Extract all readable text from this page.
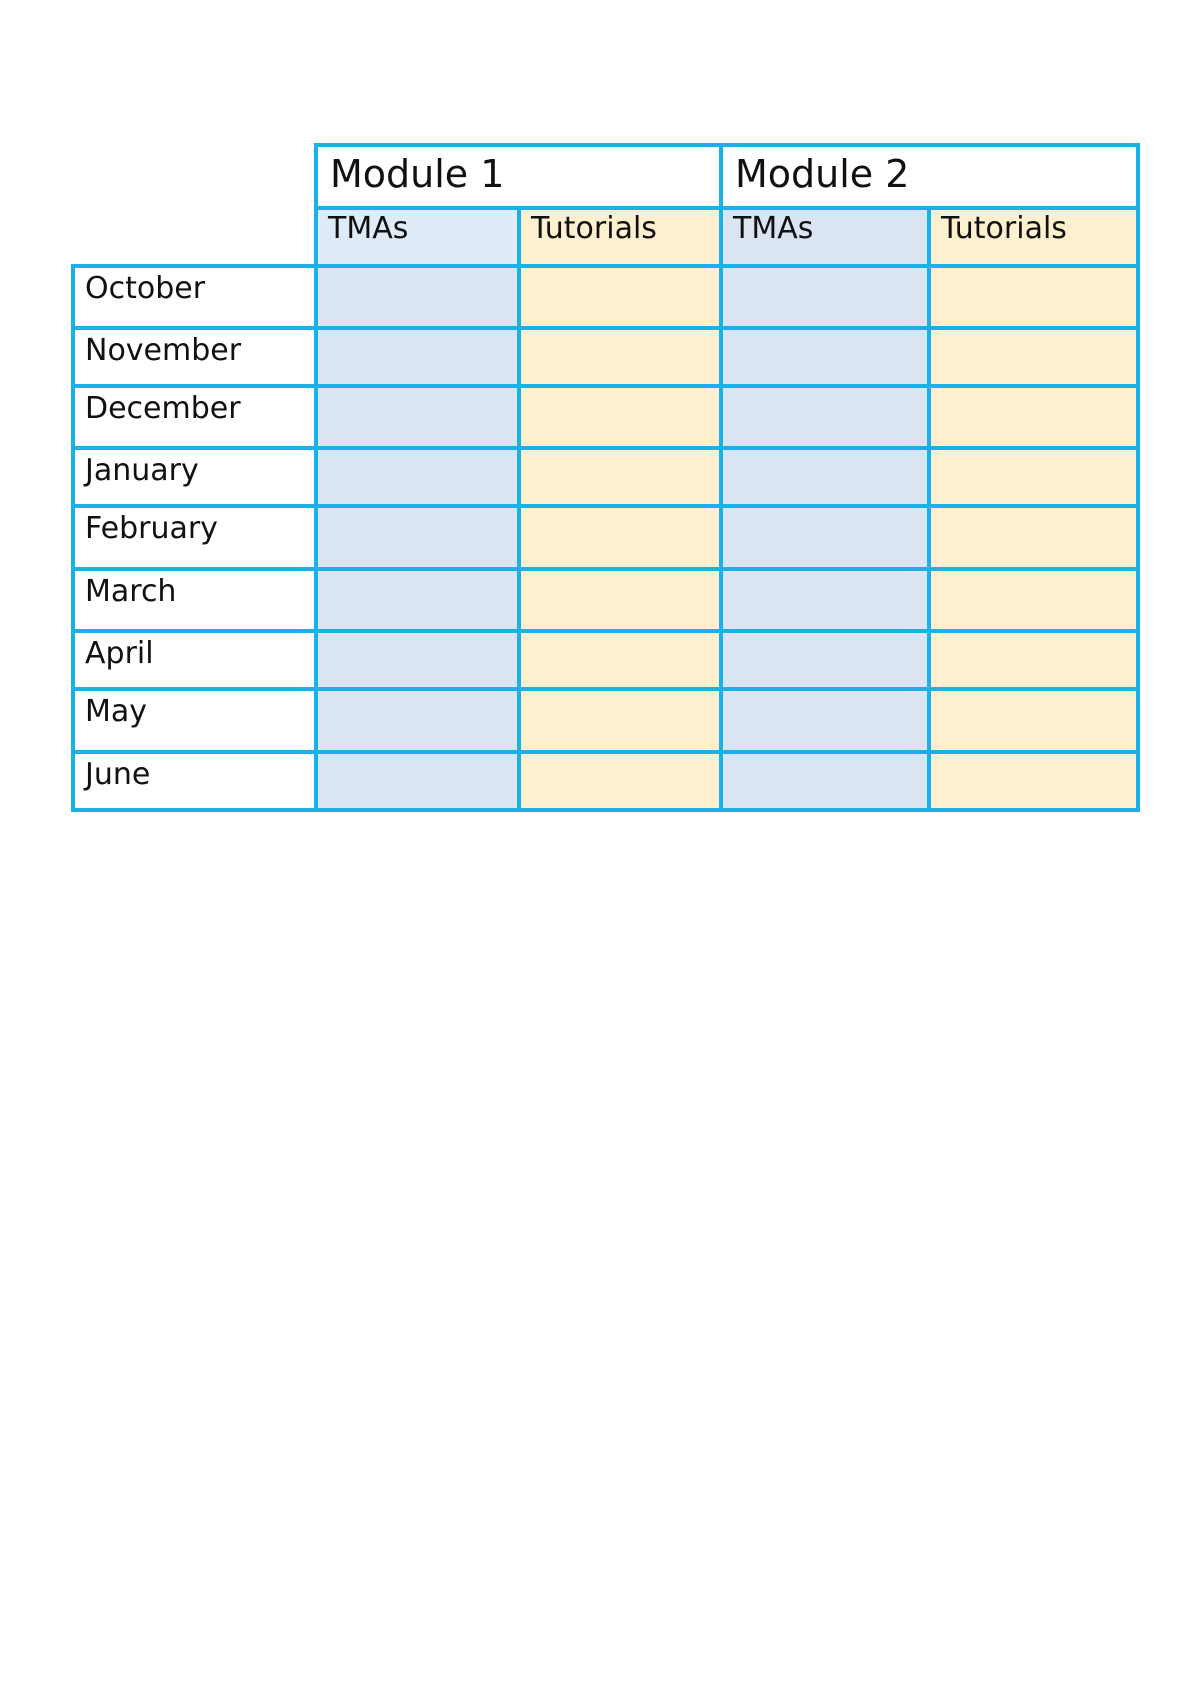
	Module 1		Module 2	

	TMAs	Tutorials	TMAs	Tutorials

October				

November				

December				

January				

February				

March				

April				

May				

June				
